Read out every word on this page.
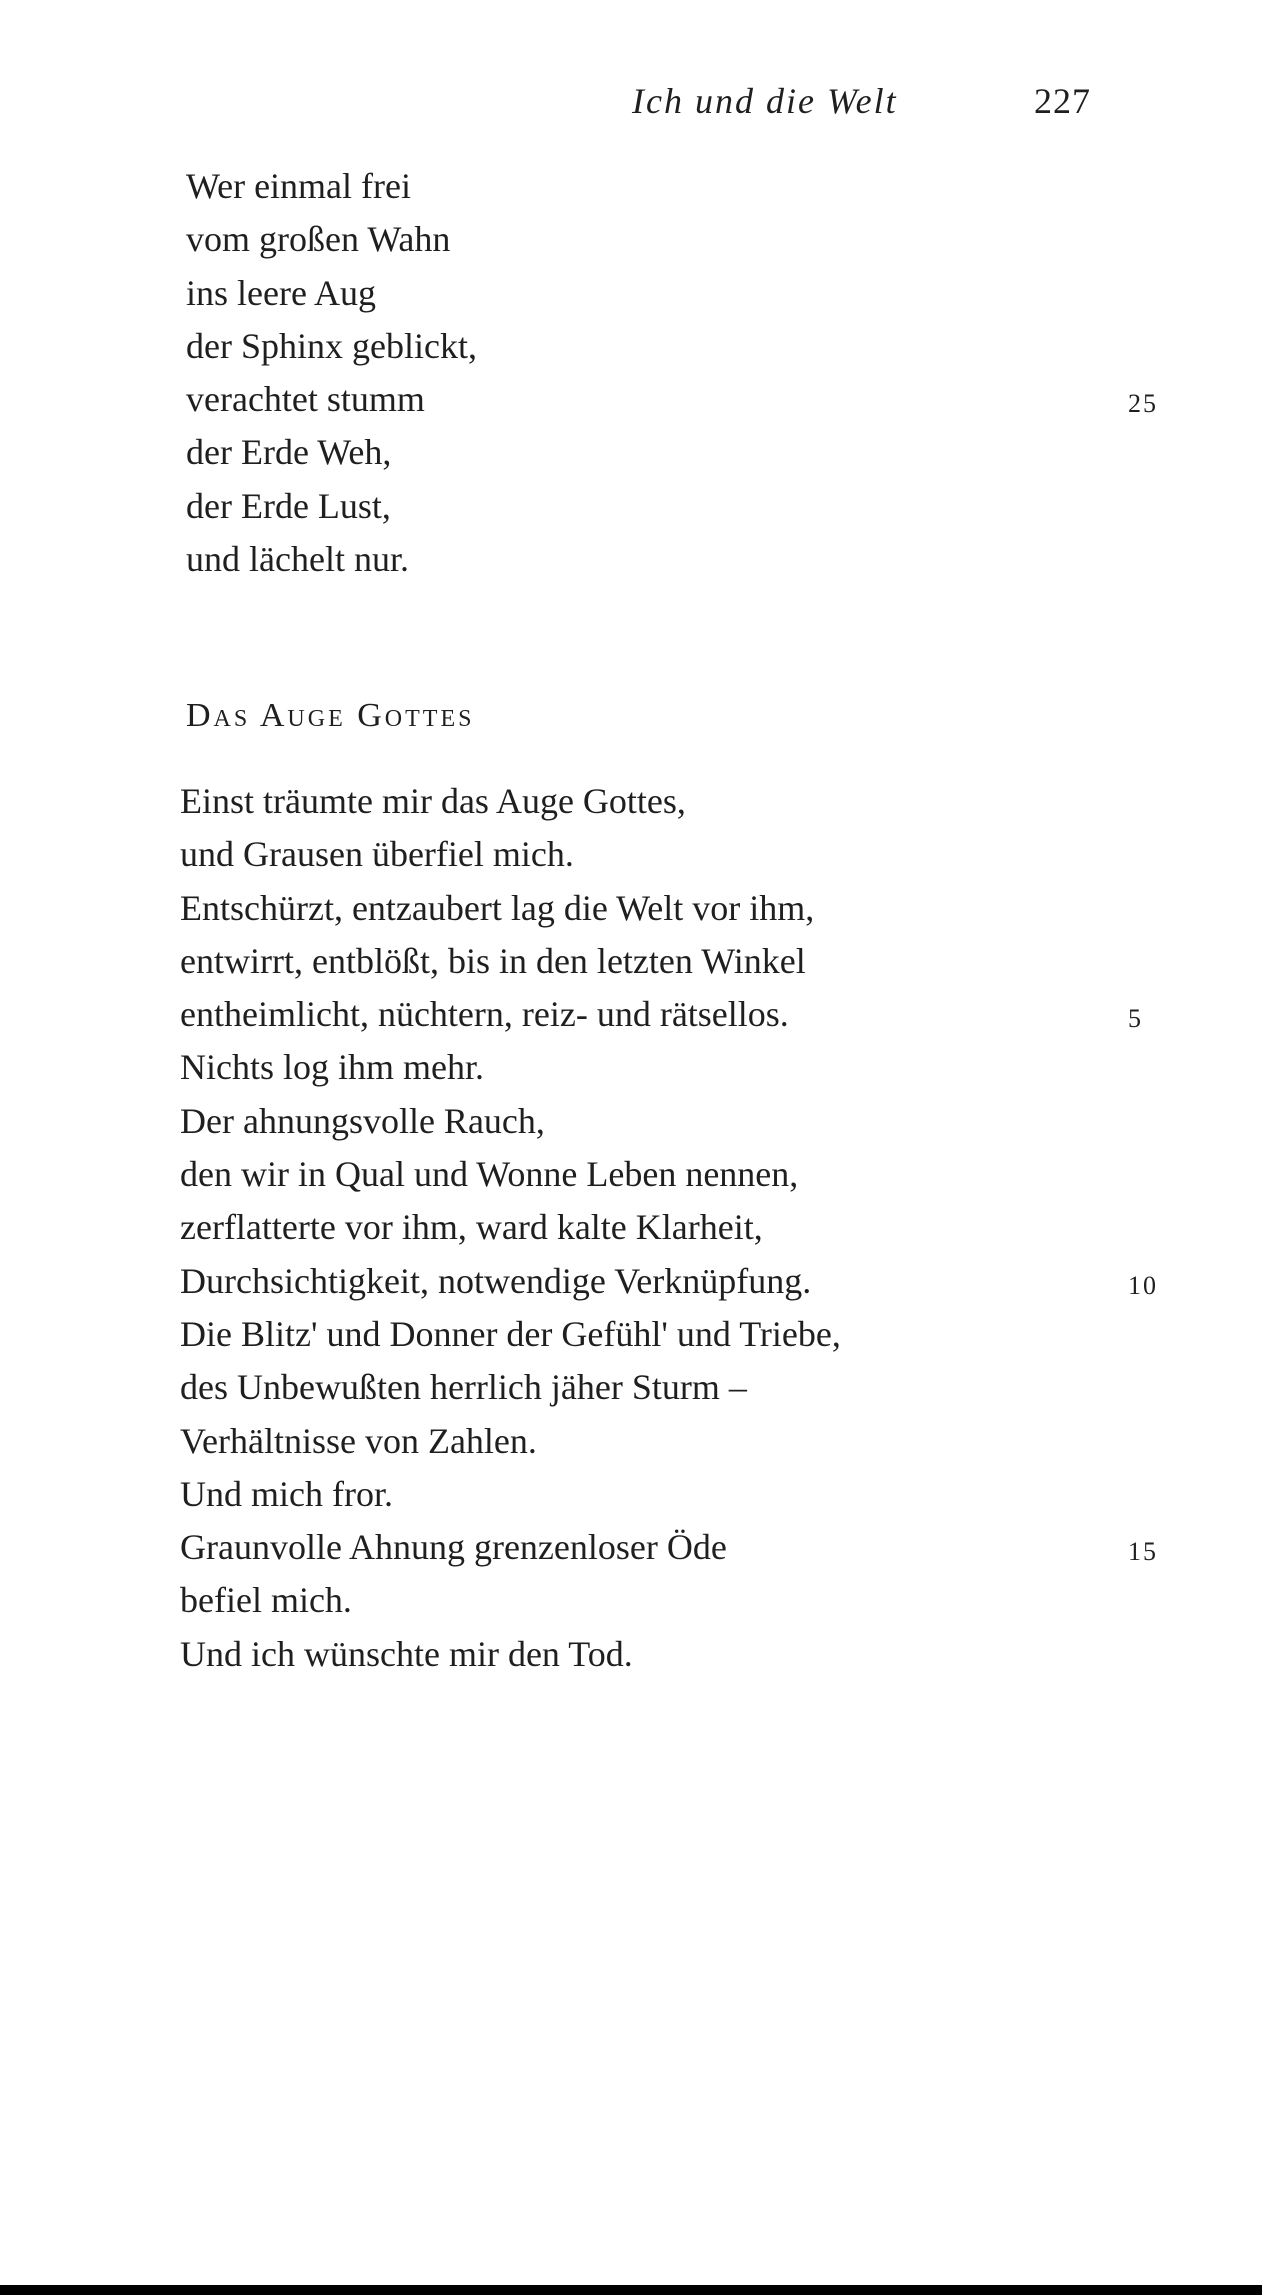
Ich und die Welt	227
Wer einmal frei
vom großen Wahn
ins leere Aug
der Sphinx geblickt,
verachtet stumm	25
der Erde Weh,
der Erde Lust,
und lächelt nur.
Das Auge Gottes
Einst träumte mir das Auge Gottes,
und Grausen überfiel mich.
Entschürzt, entzaubert lag die Welt vor ihm,
entwirrt, entblößt, bis in den letzten Winkel
entheimlicht, nüchtern, reiz- und rätsellos.	5
Nichts log ihm mehr.
Der ahnungsvolle Rauch,
den wir in Qual und Wonne Leben nennen,
zerflatterte vor ihm, ward kalte Klarheit,
Durchsichtigkeit, notwendige Verknüpfung.	10
Die Blitz' und Donner der Gefühl' und Triebe,
des Unbewußten herrlich jäher Sturm –
Verhältnisse von Zahlen.
Und mich fror.
Graunvolle Ahnung grenzenloser Öde	15
befiel mich.
Und ich wünschte mir den Tod.
